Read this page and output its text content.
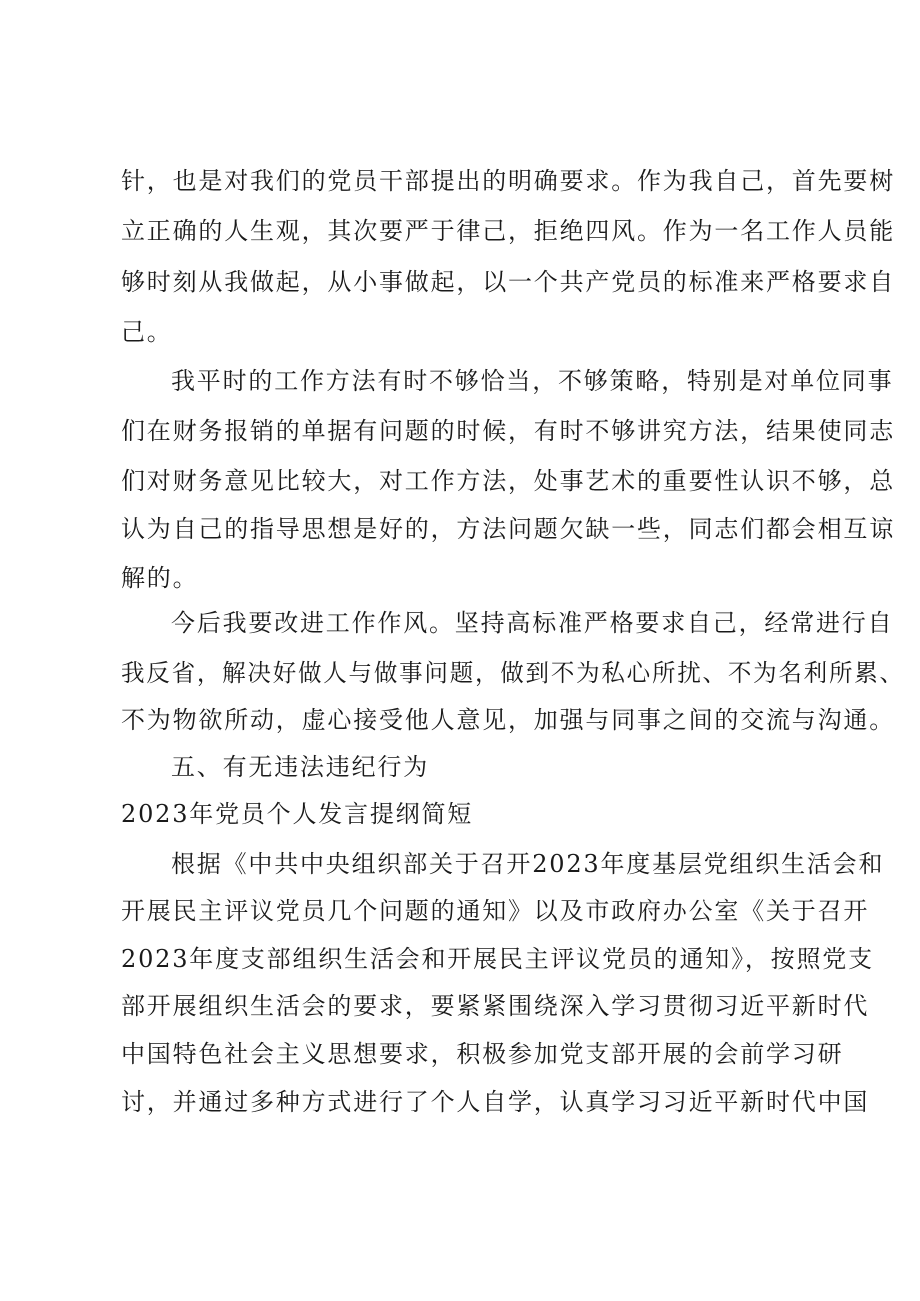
针，也是对我们的党员干部提出的明确要求。作为我自己，首先要树

立正确的人生观，其次要严于律己，拒绝四风。作为一名工作人员能

够时刻从我做起，从小事做起，以一个共产党员的标准来严格要求自

己。

我平时的工作方法有时不够恰当，不够策略，特别是对单位同事

们在财务报销的单据有问题的时候，有时不够讲究方法，结果使同志

们对财务意见比较大，对工作方法，处事艺术的重要性认识不够，总

认为自己的指导思想是好的，方法问题欠缺一些，同志们都会相互谅

解的。

今后我要改进工作作风。坚持高标准严格要求自己，经常进行自

我反省，解决好做人与做事问题，做到不为私心所扰、不为名利所累、

不为物欲所动，虚心接受他人意见，加强与同事之间的交流与沟通。

五、有无违法违纪行为

2023年党员个人发言提纲简短

根据《中共中央组织部关于召开2023年度基层党组织生活会和

开展民主评议党员几个问题的通知》以及市政府办公室《关于召开

2023年度支部组织生活会和开展民主评议党员的通知》，按照党支

部开展组织生活会的要求，要紧紧围绕深入学习贯彻习近平新时代

中国特色社会主义思想要求，积极参加党支部开展的会前学习研

讨，并通过多种方式进行了个人自学，认真学习习近平新时代中国
